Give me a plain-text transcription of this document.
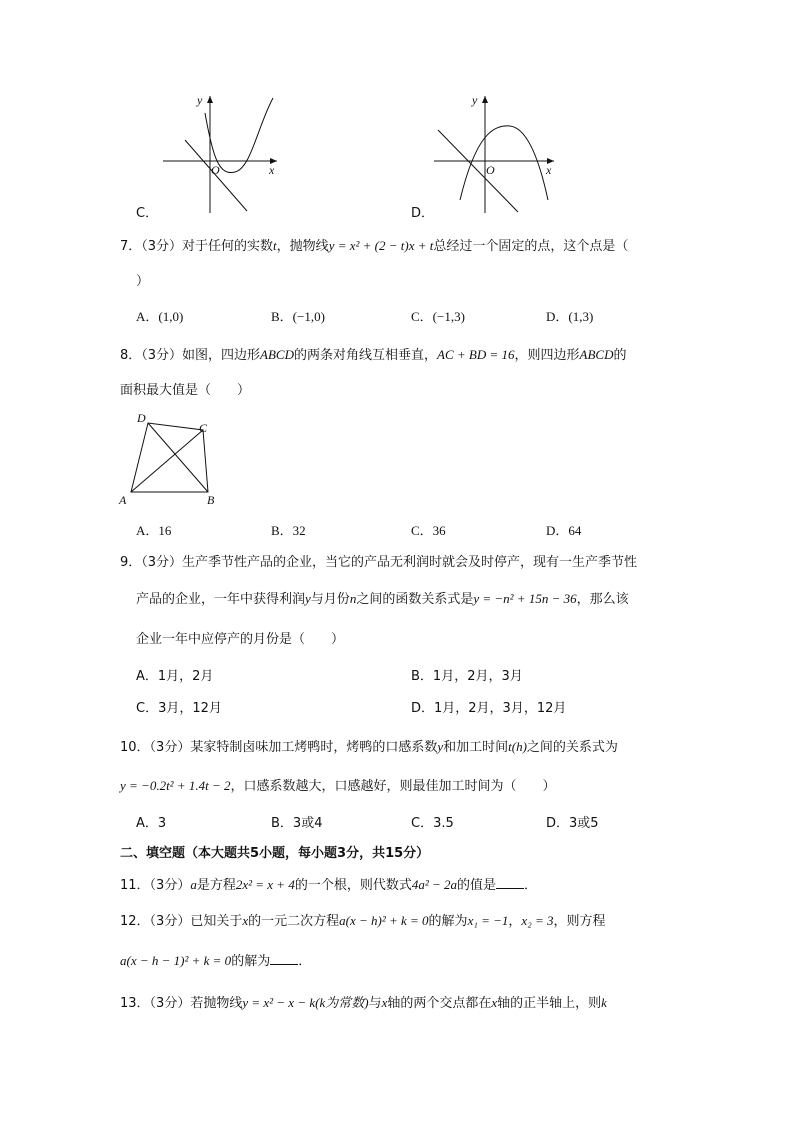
y
x
O
C．
y
x
O
D．
7．（3分）对于任何的实数t，抛物线y = x² + (2 − t)x + t总经过一个固定的点，这个点是（
）
A．(1,0)	B．(−1,0)	C．(−1,3)	D．(1,3)
8．（3分）如图，四边形ABCD的两条对角线互相垂直，AC + BD = 16，则四边形ABCD的
面积最大值是（　　）
A	B
C
D
A．16	B．32	C．36	D．64
9．（3分）生产季节性产品的企业，当它的产品无利润时就会及时停产，现有一生产季节性
产品的企业，一年中获得利润y与月份n之间的函数关系式是y = −n² + 15n − 36，那么该
企业一年中应停产的月份是（　　）
A．1月，2月	B．1月，2月，3月
C．3月，12月	D．1月，2月，3月，12月
10．（3分）某家特制卤味加工烤鸭时，烤鸭的口感系数y和加工时间t(h)之间的关系式为
y = −0.2t² + 1.4t − 2，口感系数越大，口感越好，则最佳加工时间为（　　）
A．3	B．3或4	C．3.5	D．3或5
二、填空题（本大题共5小题，每小题3分，共15分）
11．（3分）a是方程2x² = x + 4的一个根，则代数式4a² − 2a的值是 ．
12．（3分）已知关于x的一元二次方程a(x − h)² + k = 0的解为x₁ = −1，x₂ = 3，则方程
a(x − h − 1)² + k = 0的解为 ．
13．（3分）若抛物线y = x² − x − k(k为常数)与x轴的两个交点都在x轴的正半轴上，则k
